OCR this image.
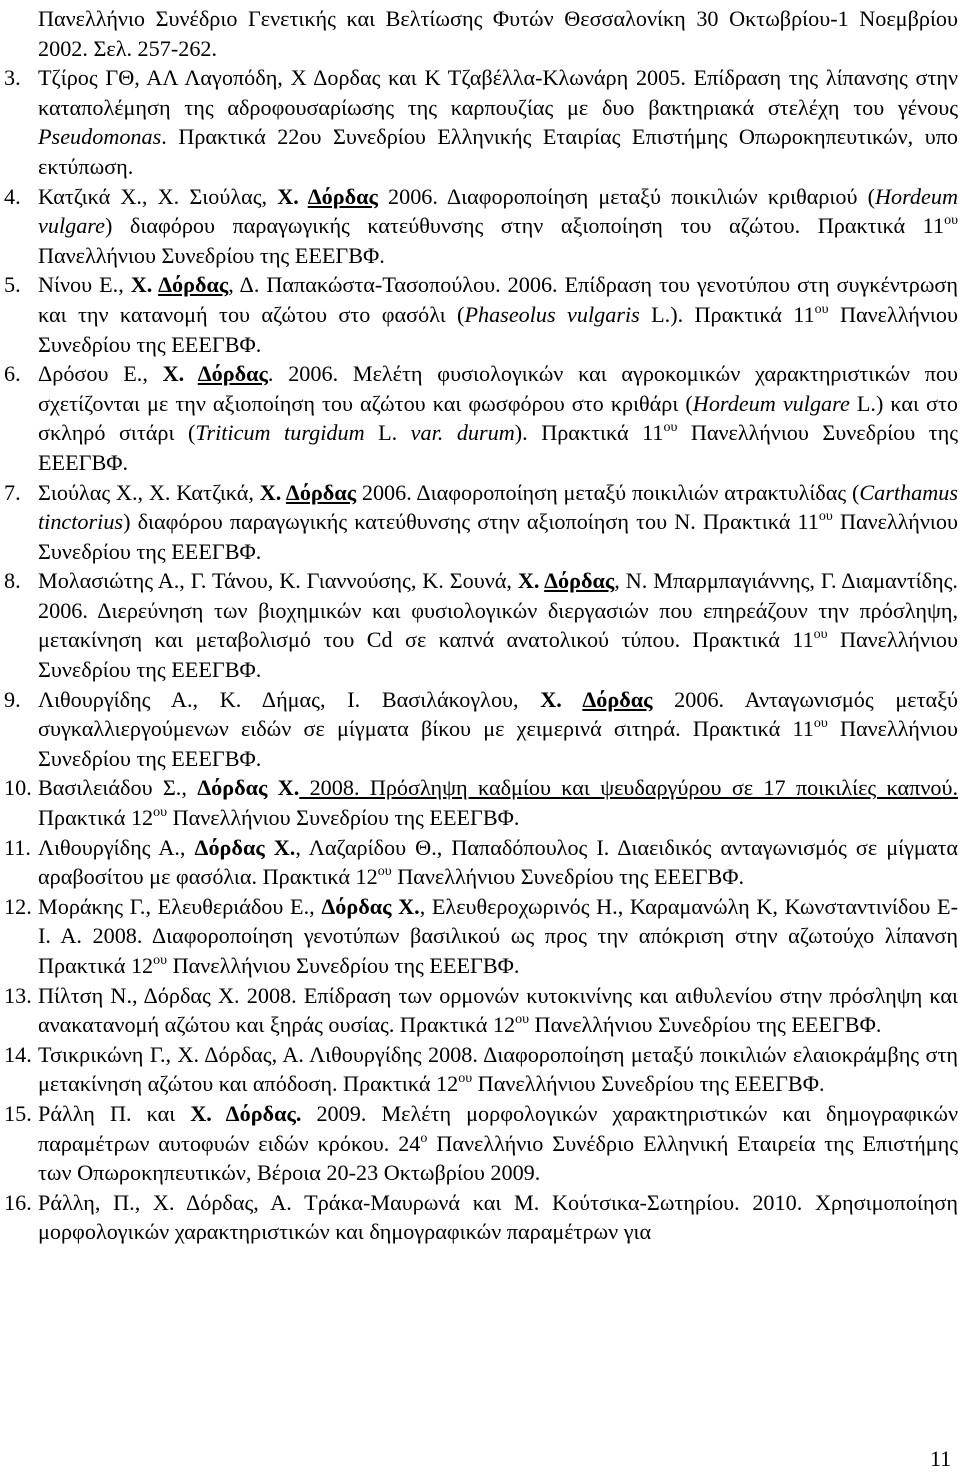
Πανελλήνιο Συνέδριο Γενετικής και Βελτίωσης Φυτών Θεσσαλονίκη 30 Οκτωβρίου-1 Νοεμβρίου 2002. Σελ. 257-262.
3. Τζίρος ΓΘ, ΑΛ Λαγοπόδη, Χ Δορδας και Κ Τζαβέλλα-Κλωνάρη 2005. Επίδραση της λίπανσης στην καταπολέμηση της αδροφουσαρίωσης της καρπουζίας με δυο βακτηριακά στελέχη του γένους Pseudomonas. Πρακτικά 22ου Συνεδρίου Ελληνικής Εταιρίας Επιστήμης Οπωροκηπευτικών, υπο εκτύπωση.
4. Κατζικά Χ., Χ. Σιούλας, Χ. Δόρδας 2006. Διαφοροποίηση μεταξύ ποικιλιών κριθαριού (Hordeum vulgare) διαφόρου παραγωγικής κατεύθυνσης στην αξιοποίηση του αζώτου. Πρακτικά $11^{o\upsilon}$ Πανελλήνιου Συνεδρίου της ΕΕΕΓΒΦ.
5. Νίνου Ε., Χ. Δόρδας, Δ. Παπακώστα-Τασοπούλου. 2006. Επίδραση του γενοτύπου στη συγκέντρωση και την κατανομή του αζώτου στο φασόλι (Phaseolus vulgaris L.). Πρακτικά $11^{o\upsilon}$ Πανελλήνιου Συνεδρίου της ΕΕΕΓΒΦ.
6. Δρόσου Ε., Χ. Δόρδας. 2006. Μελέτη φυσιολογικών και αγροκομικών χαρακτηριστικών που σχετίζονται με την αξιοποίηση του αζώτου και φωσφόρου στο κριθάρι (Hordeum vulgare L.) και στο σκληρό σιτάρι (Triticum turgidum L. var. durum). Πρακτικά $11^{o\upsilon}$ Πανελλήνιου Συνεδρίου της ΕΕΕΓΒΦ.
7. Σιούλας Χ., Χ. Κατζικά, Χ. Δόρδας 2006. Διαφοροποίηση μεταξύ ποικιλιών ατρακτυλίδας (Carthamus tinctorius) διαφόρου παραγωγικής κατεύθυνσης στην αξιοποίηση του Ν. Πρακτικά $11^{o\upsilon}$ Πανελλήνιου Συνεδρίου της ΕΕΕΓΒΦ.
8. Μολασιώτης Α., Γ. Τάνου, Κ. Γιαννούσης, Κ. Σουνά, Χ. Δόρδας, Ν. Μπαρμπαγιάννης, Γ. Διαμαντίδης. 2006. Διερεύνηση των βιοχημικών και φυσιολογικών διεργασιών που επηρεάζουν την πρόσληψη, μετακίνηση και μεταβολισμό του Cd σε καπνά ανατολικού τύπου. Πρακτικά $11^{o\upsilon}$ Πανελλήνιου Συνεδρίου της ΕΕΕΓΒΦ.
9. Λιθουργίδης Α., Κ. Δήμας, Ι. Βασιλάκογλου, Χ. Δόρδας 2006. Ανταγωνισμός μεταξύ συγκαλλιεργούμενων ειδών σε μίγματα βίκου με χειμερινά σιτηρά. Πρακτικά $11^{o\upsilon}$ Πανελλήνιου Συνεδρίου της ΕΕΕΓΒΦ.
10. Βασιλειάδου Σ., Δόρδας Χ. 2008. Πρόσληψη καδμίου και ψευδαργύρου σε 17 ποικιλίες καπνού. Πρακτικά $12^{o\upsilon}$ Πανελλήνιου Συνεδρίου της ΕΕΕΓΒΦ.
11. Λιθουργίδης Α., Δόρδας Χ., Λαζαρίδου Θ., Παπαδόπουλος Ι. Διαειδικός ανταγωνισμός σε μίγματα αραβοσίτου με φασόλια. Πρακτικά $12^{o\upsilon}$ Πανελλήνιου Συνεδρίου της ΕΕΕΓΒΦ.
12. Μοράκης Γ., Ελευθεριάδου Ε., Δόρδας Χ., Ελευθεροχωρινός Η., Καραμανώλη Κ, Κωνσταντινίδου Ε-Ι. Α. 2008. Διαφοροποίηση γενοτύπων βασιλικού ως προς την απόκριση στην αζωτούχο λίπανση Πρακτικά $12^{o\upsilon}$ Πανελλήνιου Συνεδρίου της ΕΕΕΓΒΦ.
13. Πίλτση Ν., Δόρδας Χ. 2008. Επίδραση των ορμονών κυτοκινίνης και αιθυλενίου στην πρόσληψη και ανακατανομή αζώτου και ξηράς ουσίας. Πρακτικά $12^{o\upsilon}$ Πανελλήνιου Συνεδρίου της ΕΕΕΓΒΦ.
14. Τσικρικώνη Γ., Χ. Δόρδας, Α. Λιθουργίδης 2008. Διαφοροποίηση μεταξύ ποικιλιών ελαιοκράμβης στη μετακίνηση αζώτου και απόδοση. Πρακτικά $12^{o\upsilon}$ Πανελλήνιου Συνεδρίου της ΕΕΕΓΒΦ.
15. Ράλλη Π. και Χ. Δόρδας. 2009. Μελέτη μορφολογικών χαρακτηριστικών και δημογραφικών παραμέτρων αυτοφυών ειδών κρόκου. $24^o$ Πανελλήνιο Συνέδριο Ελληνική Εταιρεία της Επιστήμης των Οπωροκηπευτικών, Βέροια 20-23 Οκτωβρίου 2009.
16. Ράλλη, Π., Χ. Δόρδας, Α. Τράκα-Μαυρωνά και Μ. Κούτσικα-Σωτηρίου. 2010. Χρησιμοποίηση μορφολογικών χαρακτηριστικών και δημογραφικών παραμέτρων για
11
